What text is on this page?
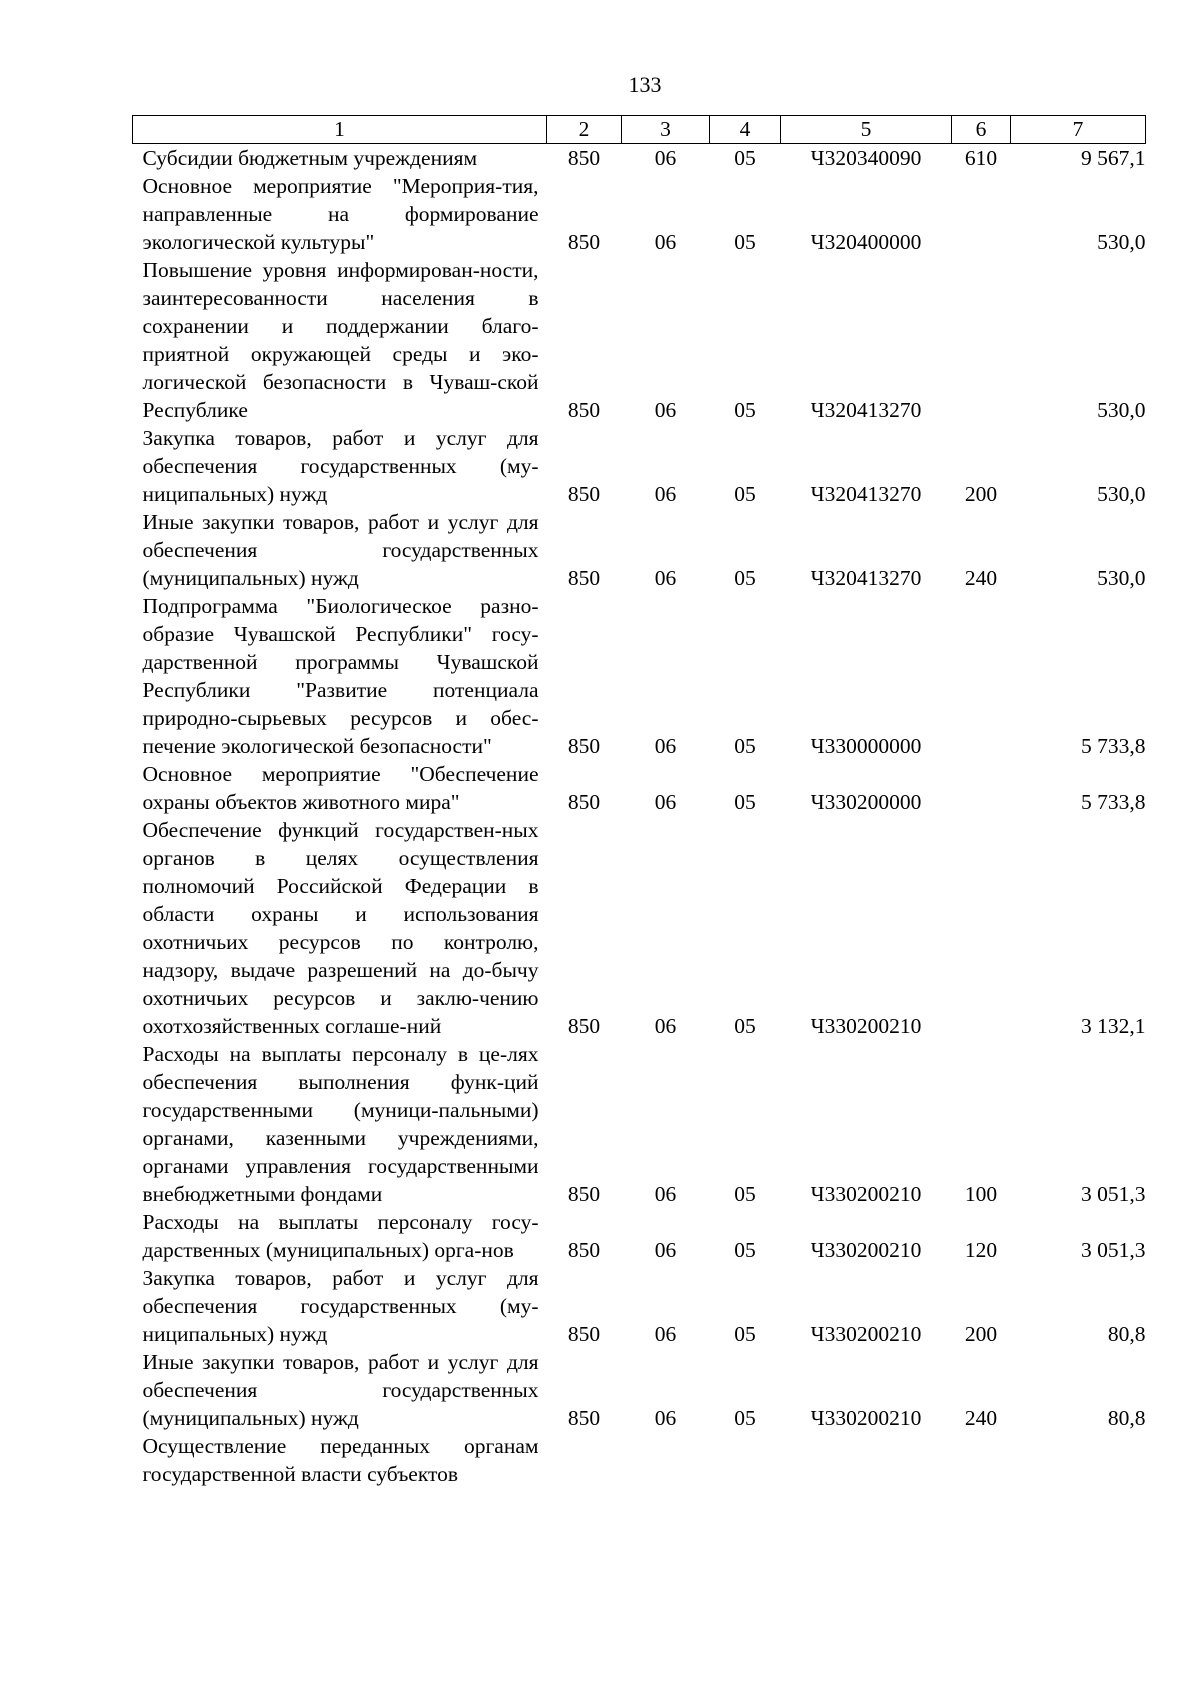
133
1	2	3	4	5	6	7
Субсидии бюджетным учреждениям	850	06	05	Ч320340090	610	9 567,1
Основное мероприятие "Мероприя-тия, направленные на формирование экологической культуры"	850	06	05	Ч320400000		530,0
Повышение уровня информирован-ности, заинтересованности населения в сохранении и поддержании благо-приятной окружающей среды и эко-логической безопасности в Чуваш-ской Республике	850	06	05	Ч320413270		530,0
Закупка товаров, работ и услуг для обеспечения государственных (му-ниципальных) нужд	850	06	05	Ч320413270	200	530,0
Иные закупки товаров, работ и услуг для обеспечения государственных (муниципальных) нужд	850	06	05	Ч320413270	240	530,0
Подпрограмма "Биологическое разно-образие Чувашской Республики" госу-дарственной программы Чувашской Республики "Развитие потенциала природно-сырьевых ресурсов и обес-печение экологической безопасности"	850	06	05	Ч330000000		5 733,8
Основное мероприятие "Обеспечение охраны объектов животного мира"	850	06	05	Ч330200000		5 733,8
Обеспечение функций государствен-ных органов в целях осуществления полномочий Российской Федерации в области охраны и использования охотничьих ресурсов по контролю, надзору, выдаче разрешений на до-бычу охотничьих ресурсов и заклю-чению охотхозяйственных соглаше-ний	850	06	05	Ч330200210		3 132,1
Расходы на выплаты персоналу в це-лях обеспечения выполнения функ-ций государственными (муници-пальными) органами, казенными учреждениями, органами управления государственными внебюджетными фондами	850	06	05	Ч330200210	100	3 051,3
Расходы на выплаты персоналу госу-дарственных (муниципальных) орга-нов	850	06	05	Ч330200210	120	3 051,3
Закупка товаров, работ и услуг для обеспечения государственных (му-ниципальных) нужд	850	06	05	Ч330200210	200	80,8
Иные закупки товаров, работ и услуг для обеспечения государственных (муниципальных) нужд	850	06	05	Ч330200210	240	80,8
Осуществление переданных органам государственной власти субъектов						
